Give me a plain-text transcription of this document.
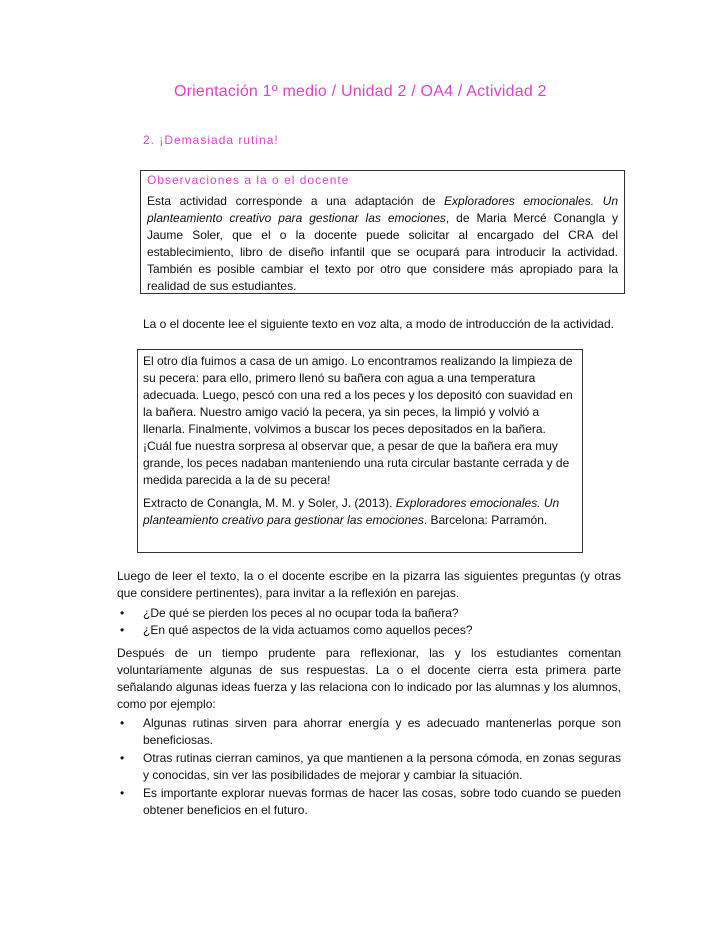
Orientación 1º medio / Unidad 2 / OA4 / Actividad 2
2. ¡Demasiada rutina!
Observaciones a la o el docente

Esta actividad corresponde a una adaptación de Exploradores emocionales. Un planteamiento creativo para gestionar las emociones, de Maria Mercé Conangla y Jaume Soler, que el o la docente puede solicitar al encargado del CRA del establecimiento, libro de diseño infantil que se ocupará para introducir la actividad. También es posible cambiar el texto por otro que considere más apropiado para la realidad de sus estudiantes.

La o el docente lee el siguiente texto en voz alta, a modo de introducción de la actividad.

El otro día fuimos a casa de un amigo. Lo encontramos realizando la limpieza de su pecera: para ello, primero llenó su bañera con agua a una temperatura adecuada. Luego, pescó con una red a los peces y los depositó con suavidad en la bañera. Nuestro amigo vació la pecera, ya sin peces, la limpió y volvió a llenarla. Finalmente, volvimos a buscar los peces depositados en la bañera. ¡Cuál fue nuestra sorpresa al observar que, a pesar de que la bañera era muy grande, los peces nadaban manteniendo una ruta circular bastante cerrada y de medida parecida a la de su pecera!

Extracto de Conangla, M. M. y Soler, J. (2013). Exploradores emocionales. Un planteamiento creativo para gestionar las emociones. Barcelona: Parramón.

Luego de leer el texto, la o el docente escribe en la pizarra las siguientes preguntas (y otras que considere pertinentes), para invitar a la reflexión en parejas.

• ¿De qué se pierden los peces al no ocupar toda la bañera?
• ¿En qué aspectos de la vida actuamos como aquellos peces?

Después de un tiempo prudente para reflexionar, las y los estudiantes comentan voluntariamente algunas de sus respuestas. La o el docente cierra esta primera parte señalando algunas ideas fuerza y las relaciona con lo indicado por las alumnas y los alumnos, como por ejemplo:

• Algunas rutinas sirven para ahorrar energía y es adecuado mantenerlas porque son beneficiosas.
• Otras rutinas cierran caminos, ya que mantienen a la persona cómoda, en zonas seguras y conocidas, sin ver las posibilidades de mejorar y cambiar la situación.
• Es importante explorar nuevas formas de hacer las cosas, sobre todo cuando se pueden obtener beneficios en el futuro.
